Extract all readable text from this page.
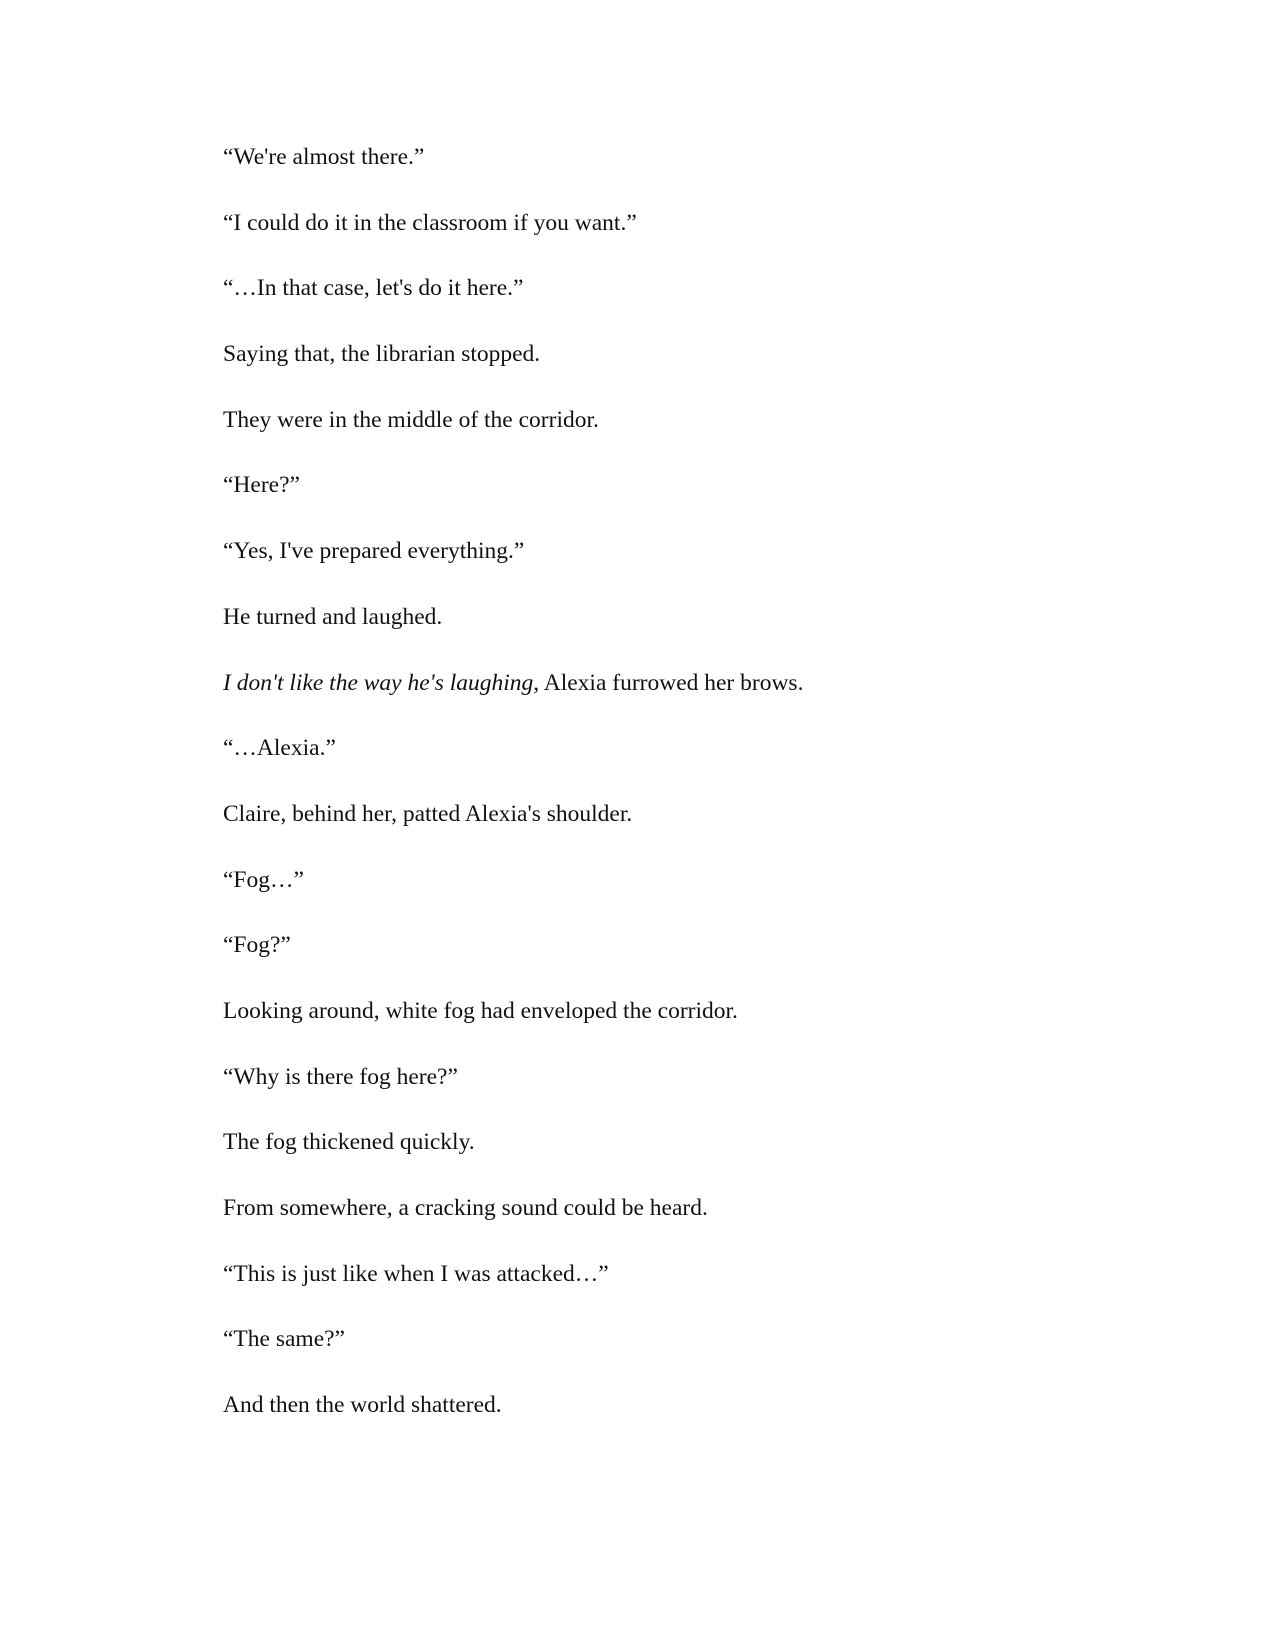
“We're almost there.”

“I could do it in the classroom if you want.”

“…In that case, let's do it here.”

Saying that, the librarian stopped.

They were in the middle of the corridor.

“Here?”

“Yes, I've prepared everything.”

He turned and laughed.

I don't like the way he's laughing, Alexia furrowed her brows.

“…Alexia.”

Claire, behind her, patted Alexia's shoulder.

“Fog…”

“Fog?”

Looking around, white fog had enveloped the corridor.

“Why is there fog here?”

The fog thickened quickly.

From somewhere, a cracking sound could be heard.

“This is just like when I was attacked…”

“The same?”

And then the world shattered.
